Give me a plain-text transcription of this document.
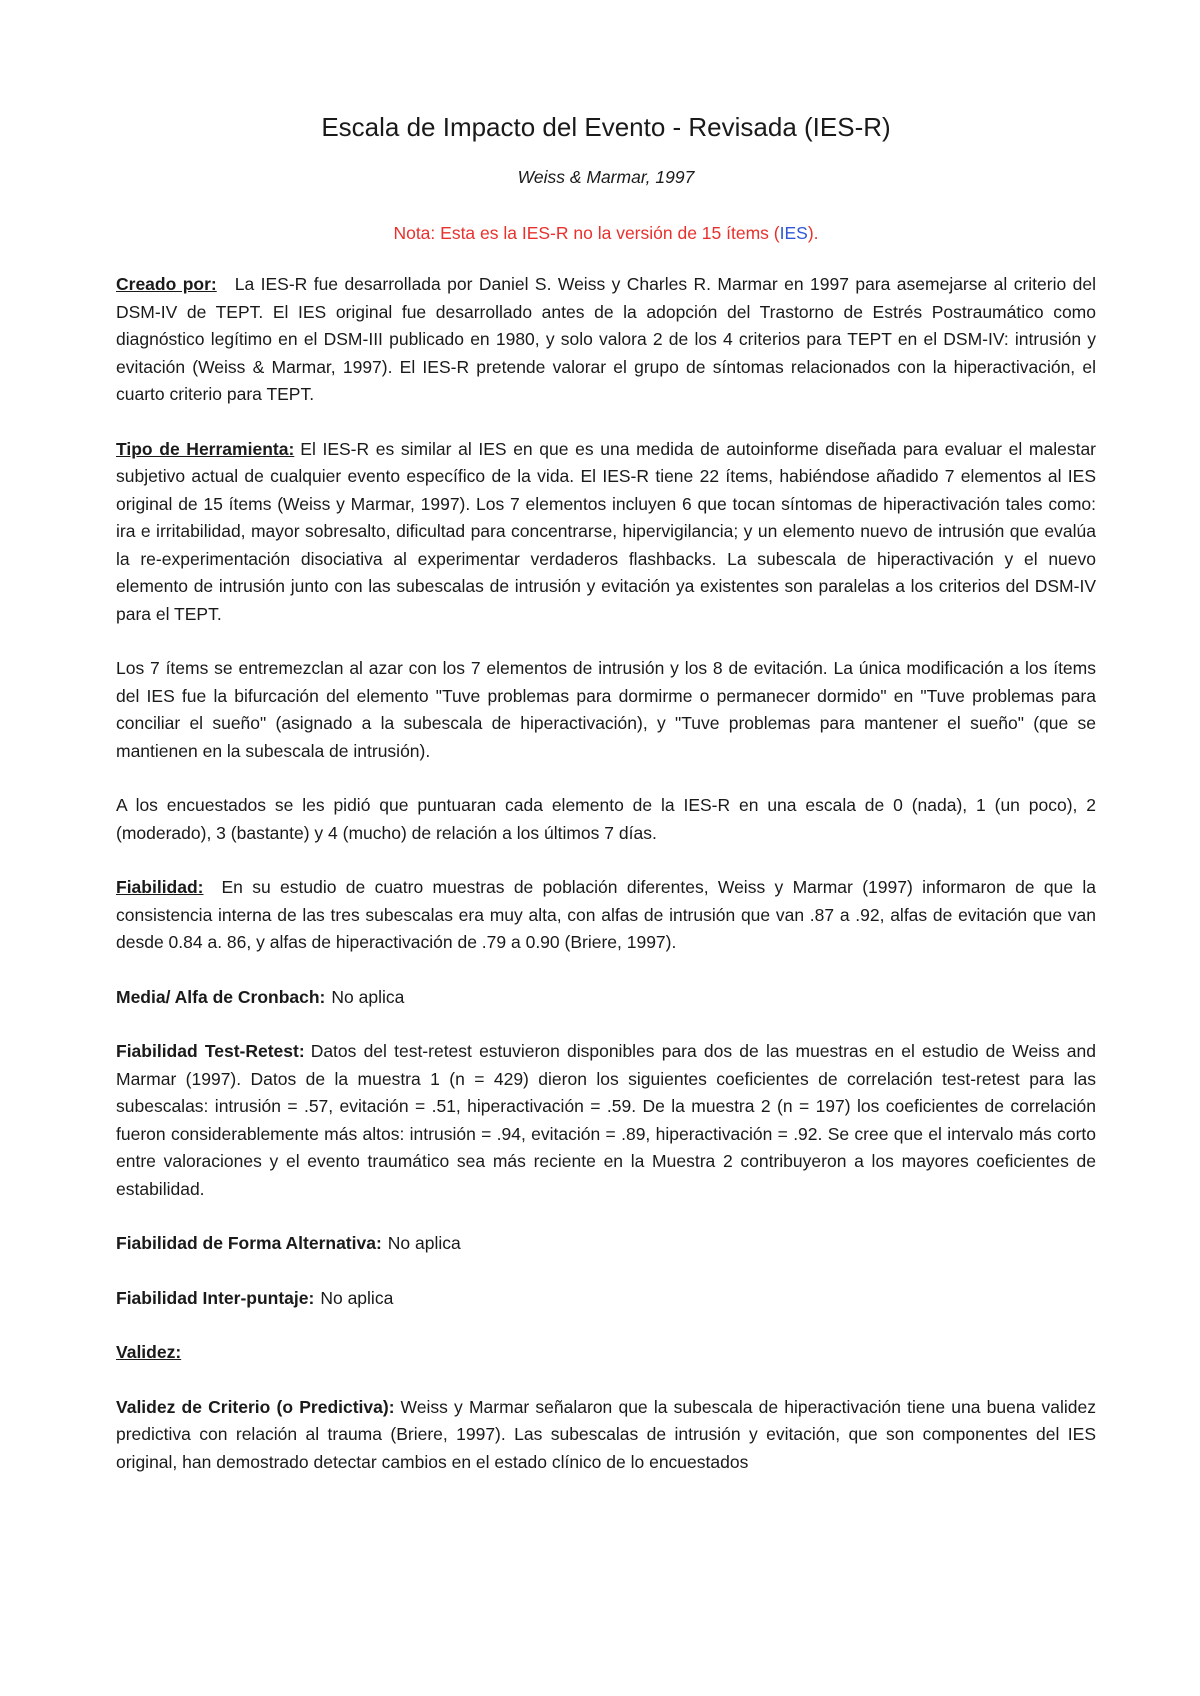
Escala de Impacto del Evento - Revisada (IES-R)
Weiss & Marmar, 1997
Nota: Esta es la IES-R no la versión de 15 ítems (IES).

Creado por: La IES-R fue desarrollada por Daniel S. Weiss y Charles R. Marmar en 1997 para asemejarse al criterio del DSM-IV de TEPT. El IES original fue desarrollado antes de la adopción del Trastorno de Estrés Postraumático como diagnóstico legítimo en el DSM-III publicado en 1980, y solo valora 2 de los 4 criterios para TEPT en el DSM-IV: intrusión y evitación (Weiss & Marmar, 1997). El IES-R pretende valorar el grupo de síntomas relacionados con la hiperactivación, el cuarto criterio para TEPT.

Tipo de Herramienta: El IES-R es similar al IES en que es una medida de autoinforme diseñada para evaluar el malestar subjetivo actual de cualquier evento específico de la vida. El IES-R tiene 22 ítems, habiéndose añadido 7 elementos al IES original de 15 ítems (Weiss y Marmar, 1997). Los 7 elementos incluyen 6 que tocan síntomas de hiperactivación tales como: ira e irritabilidad, mayor sobresalto, dificultad para concentrarse, hipervigilancia; y un elemento nuevo de intrusión que evalúa la re-experimentación disociativa al experimentar verdaderos flashbacks. La subescala de hiperactivación y el nuevo elemento de intrusión junto con las subescalas de intrusión y evitación ya existentes son paralelas a los criterios del DSM-IV para el TEPT.

Los 7 ítems se entremezclan al azar con los 7 elementos de intrusión y los 8 de evitación. La única modificación a los ítems del IES fue la bifurcación del elemento "Tuve problemas para dormirme o permanecer dormido" en "Tuve problemas para conciliar el sueño" (asignado a la subescala de hiperactivación), y "Tuve problemas para mantener el sueño" (que se mantienen en la subescala de intrusión).

A los encuestados se les pidió que puntuaran cada elemento de la IES-R en una escala de 0 (nada), 1 (un poco), 2 (moderado), 3 (bastante) y 4 (mucho) de relación a los últimos 7 días.

Fiabilidad: En su estudio de cuatro muestras de población diferentes, Weiss y Marmar (1997) informaron de que la consistencia interna de las tres subescalas era muy alta, con alfas de intrusión que van .87 a .92, alfas de evitación que van desde 0.84 a. 86, y alfas de hiperactivación de .79 a 0.90 (Briere, 1997).

Media/ Alfa de Cronbach: No aplica

Fiabilidad Test-Retest: Datos del test-retest estuvieron disponibles para dos de las muestras en el estudio de Weiss and Marmar (1997). Datos de la muestra 1 (n = 429) dieron los siguientes coeficientes de correlación test-retest para las subescalas: intrusión = .57, evitación = .51, hiperactivación = .59. De la muestra 2 (n = 197) los coeficientes de correlación fueron considerablemente más altos: intrusión = .94, evitación = .89, hiperactivación = .92. Se cree que el intervalo más corto entre valoraciones y el evento traumático sea más reciente en la Muestra 2 contribuyeron a los mayores coeficientes de estabilidad.

Fiabilidad de Forma Alternativa: No aplica

Fiabilidad Inter-puntaje: No aplica

Validez:

Validez de Criterio (o Predictiva): Weiss y Marmar señalaron que la subescala de hiperactivación tiene una buena validez predictiva con relación al trauma (Briere, 1997). Las subescalas de intrusión y evitación, que son componentes del IES original, han demostrado detectar cambios en el estado clínico de lo encuestados
